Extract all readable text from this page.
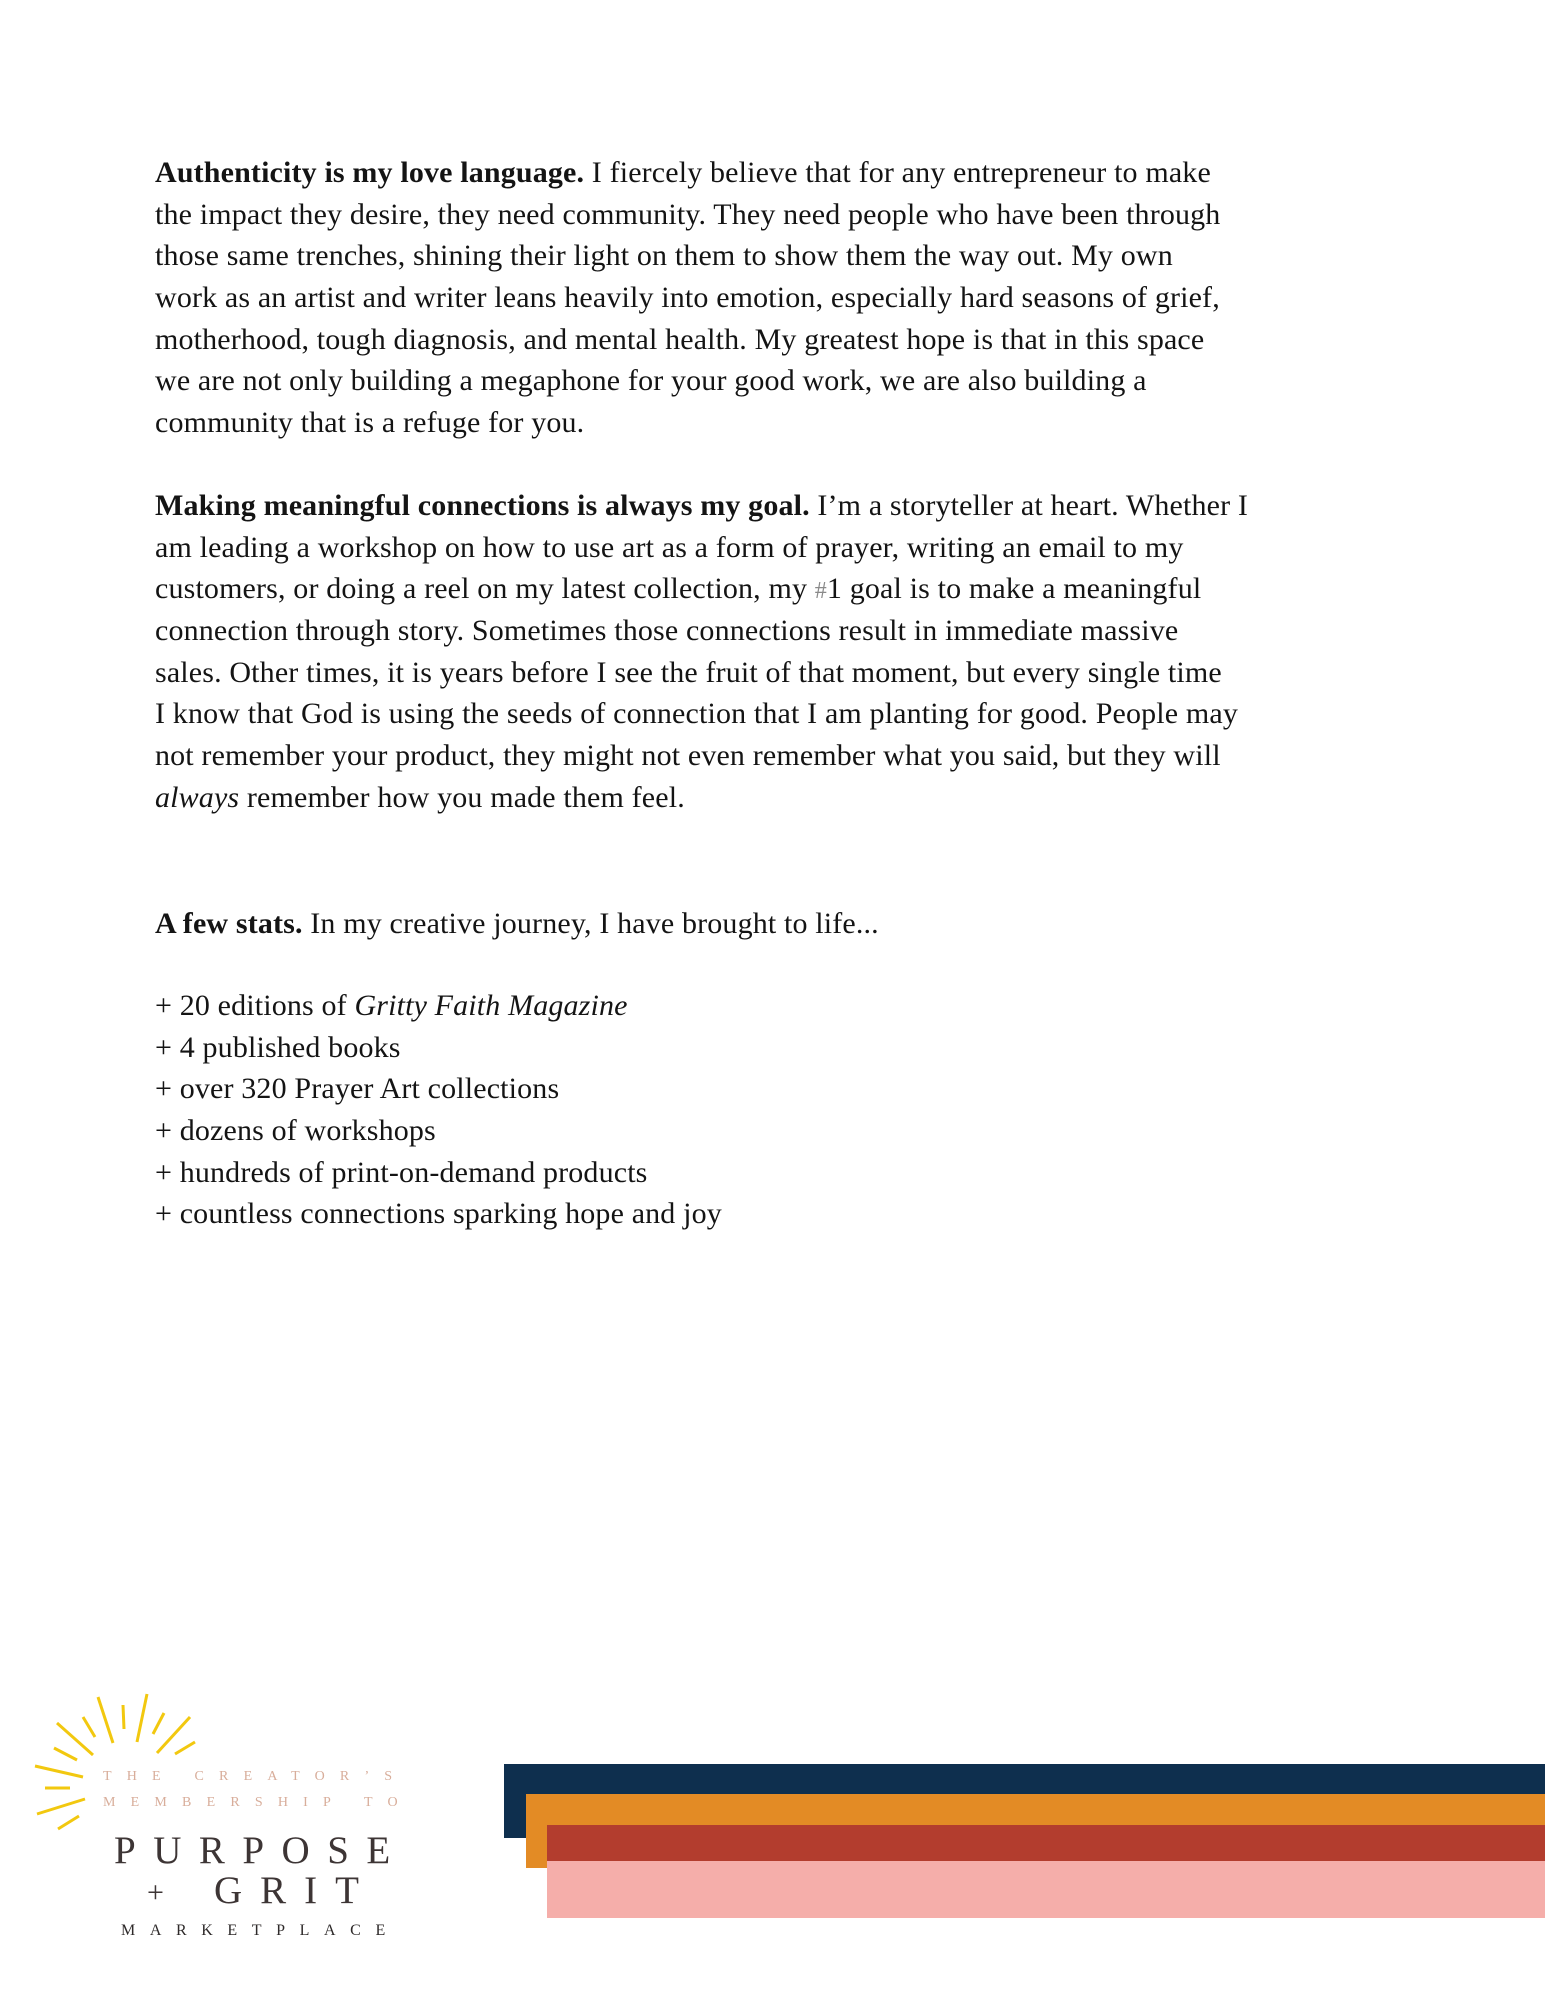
Authenticity is my love language. I fiercely believe that for any entrepreneur to make
the impact they desire, they need community. They need people who have been through
those same trenches, shining their light on them to show them the way out. My own
work as an artist and writer leans heavily into emotion, especially hard seasons of grief,
motherhood, tough diagnosis, and mental health. My greatest hope is that in this space
we are not only building a megaphone for your good work, we are also building a
community that is a refuge for you.
Making meaningful connections is always my goal. I’m a storyteller at heart. Whether I
am leading a workshop on how to use art as a form of prayer, writing an email to my
customers, or doing a reel on my latest collection, my #1 goal is to make a meaningful
connection through story. Sometimes those connections result in immediate massive
sales. Other times, it is years before I see the fruit of that moment, but every single time
I know that God is using the seeds of connection that I am planting for good. People may
not remember your product, they might not even remember what you said, but they will
always remember how you made them feel.
A few stats. In my creative journey, I have brought to life...
+ 20 editions of Gritty Faith Magazine
+ 4 published books
+ over 320 Prayer Art collections
+ dozens of workshops
+ hundreds of print-on-demand products
+ countless connections sparking hope and joy
THE CREATOR’S
MEMBERSHIP TO
PURPOSE
+ GRIT
MARKETPLACE
